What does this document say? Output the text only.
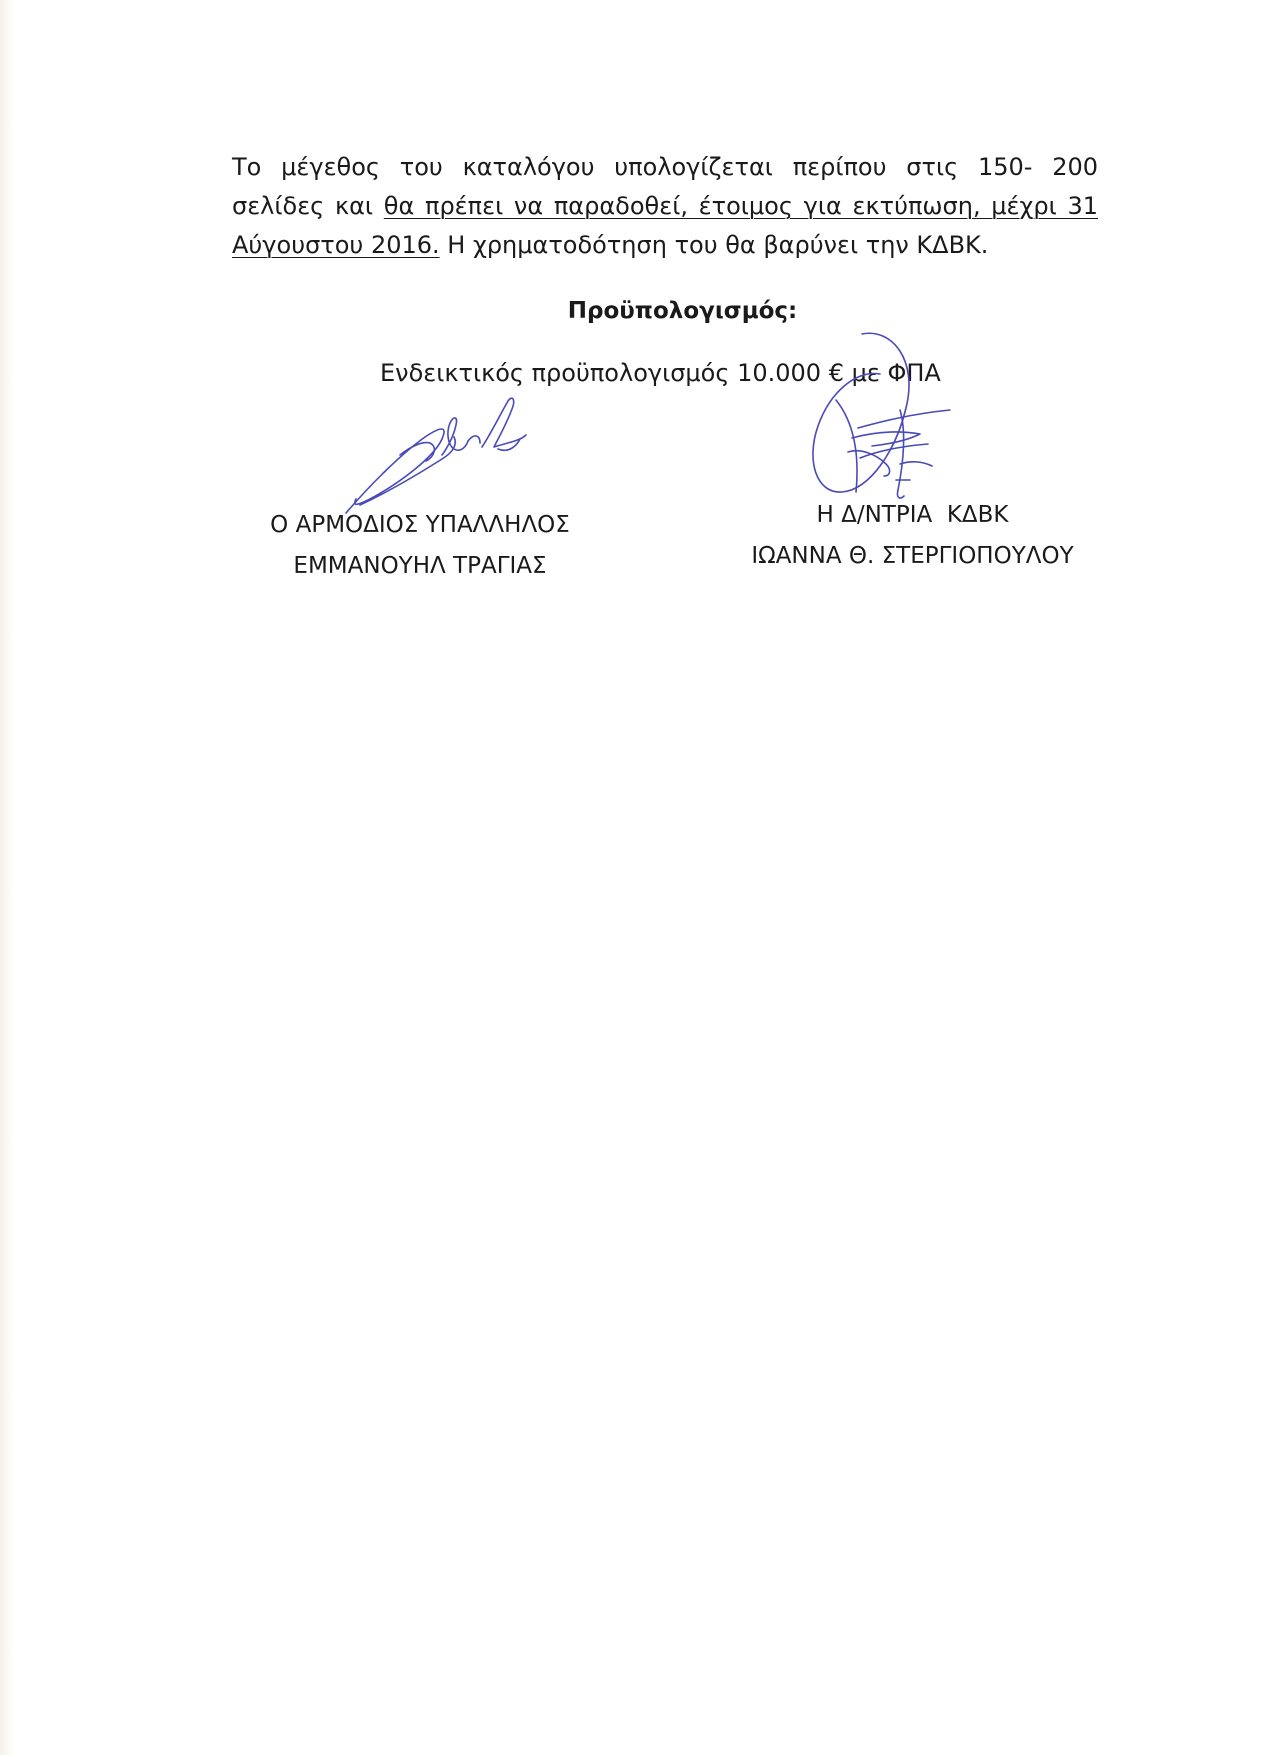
Το μέγεθος του καταλόγου υπολογίζεται περίπου στις 150- 200 σελίδες και θα πρέπει να παραδοθεί, έτοιμος για εκτύπωση, μέχρι 31 Αύγουστου 2016. Η χρηματοδότηση του θα βαρύνει την ΚΔΒΚ.

Προϋπολογισμός:
Ενδεικτικός προϋπολογισμός 10.000 € με ΦΠΑ
Ο ΑΡΜΟΔΙΟΣ ΥΠΑΛΛΗΛΟΣ
ΕΜΜΑΝΟΥΗΛ ΤΡΑΓΙΑΣ
Η Δ/ΝΤΡΙΑ  ΚΔΒΚ
ΙΩΑΝΝΑ Θ. ΣΤΕΡΓΙΟΠΟΥΛΟΥ
